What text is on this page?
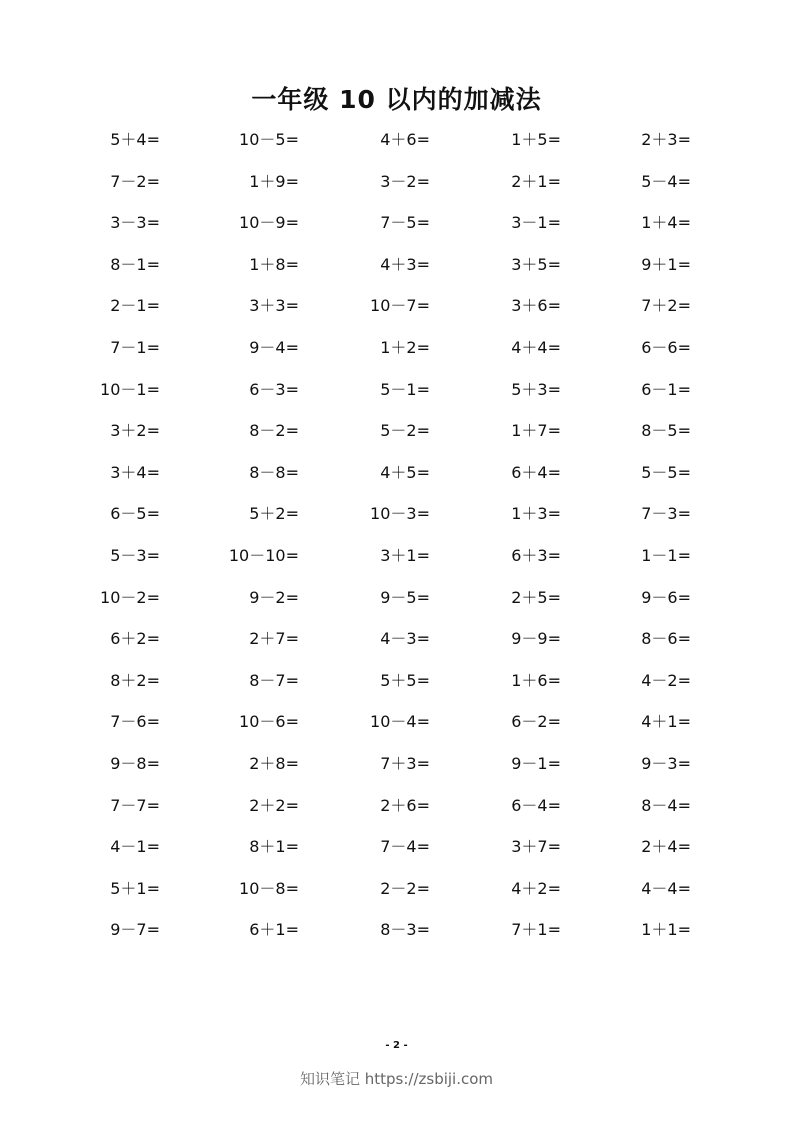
一年级 10 以内的加减法
5＋4=	10－5=	4＋6=	1＋5=	2＋3=
7－2=	1＋9=	3－2=	2＋1=	5－4=
3－3=	10－9=	7－5=	3－1=	1＋4=
8－1=	1＋8=	4＋3=	3＋5=	9＋1=
2－1=	3＋3=	10－7=	3＋6=	7＋2=
7－1=	9－4=	1＋2=	4＋4=	6－6=
10－1=	6－3=	5－1=	5＋3=	6－1=
3＋2=	8－2=	5－2=	1＋7=	8－5=
3＋4=	8－8=	4＋5=	6＋4=	5－5=
6－5=	5＋2=	10－3=	1＋3=	7－3=
5－3=	10－10=	3＋1=	6＋3=	1－1=
10－2=	9－2=	9－5=	2＋5=	9－6=
6＋2=	2＋7=	4－3=	9－9=	8－6=
8＋2=	8－7=	5＋5=	1＋6=	4－2=
7－6=	10－6=	10－4=	6－2=	4＋1=
9－8=	2＋8=	7＋3=	9－1=	9－3=
7－7=	2＋2=	2＋6=	6－4=	8－4=
4－1=	8＋1=	7－4=	3＋7=	2＋4=
5＋1=	10－8=	2－2=	4＋2=	4－4=
9－7=	6＋1=	8－3=	7＋1=	1＋1=
- 2 -
知识笔记 https://zsbiji.com
